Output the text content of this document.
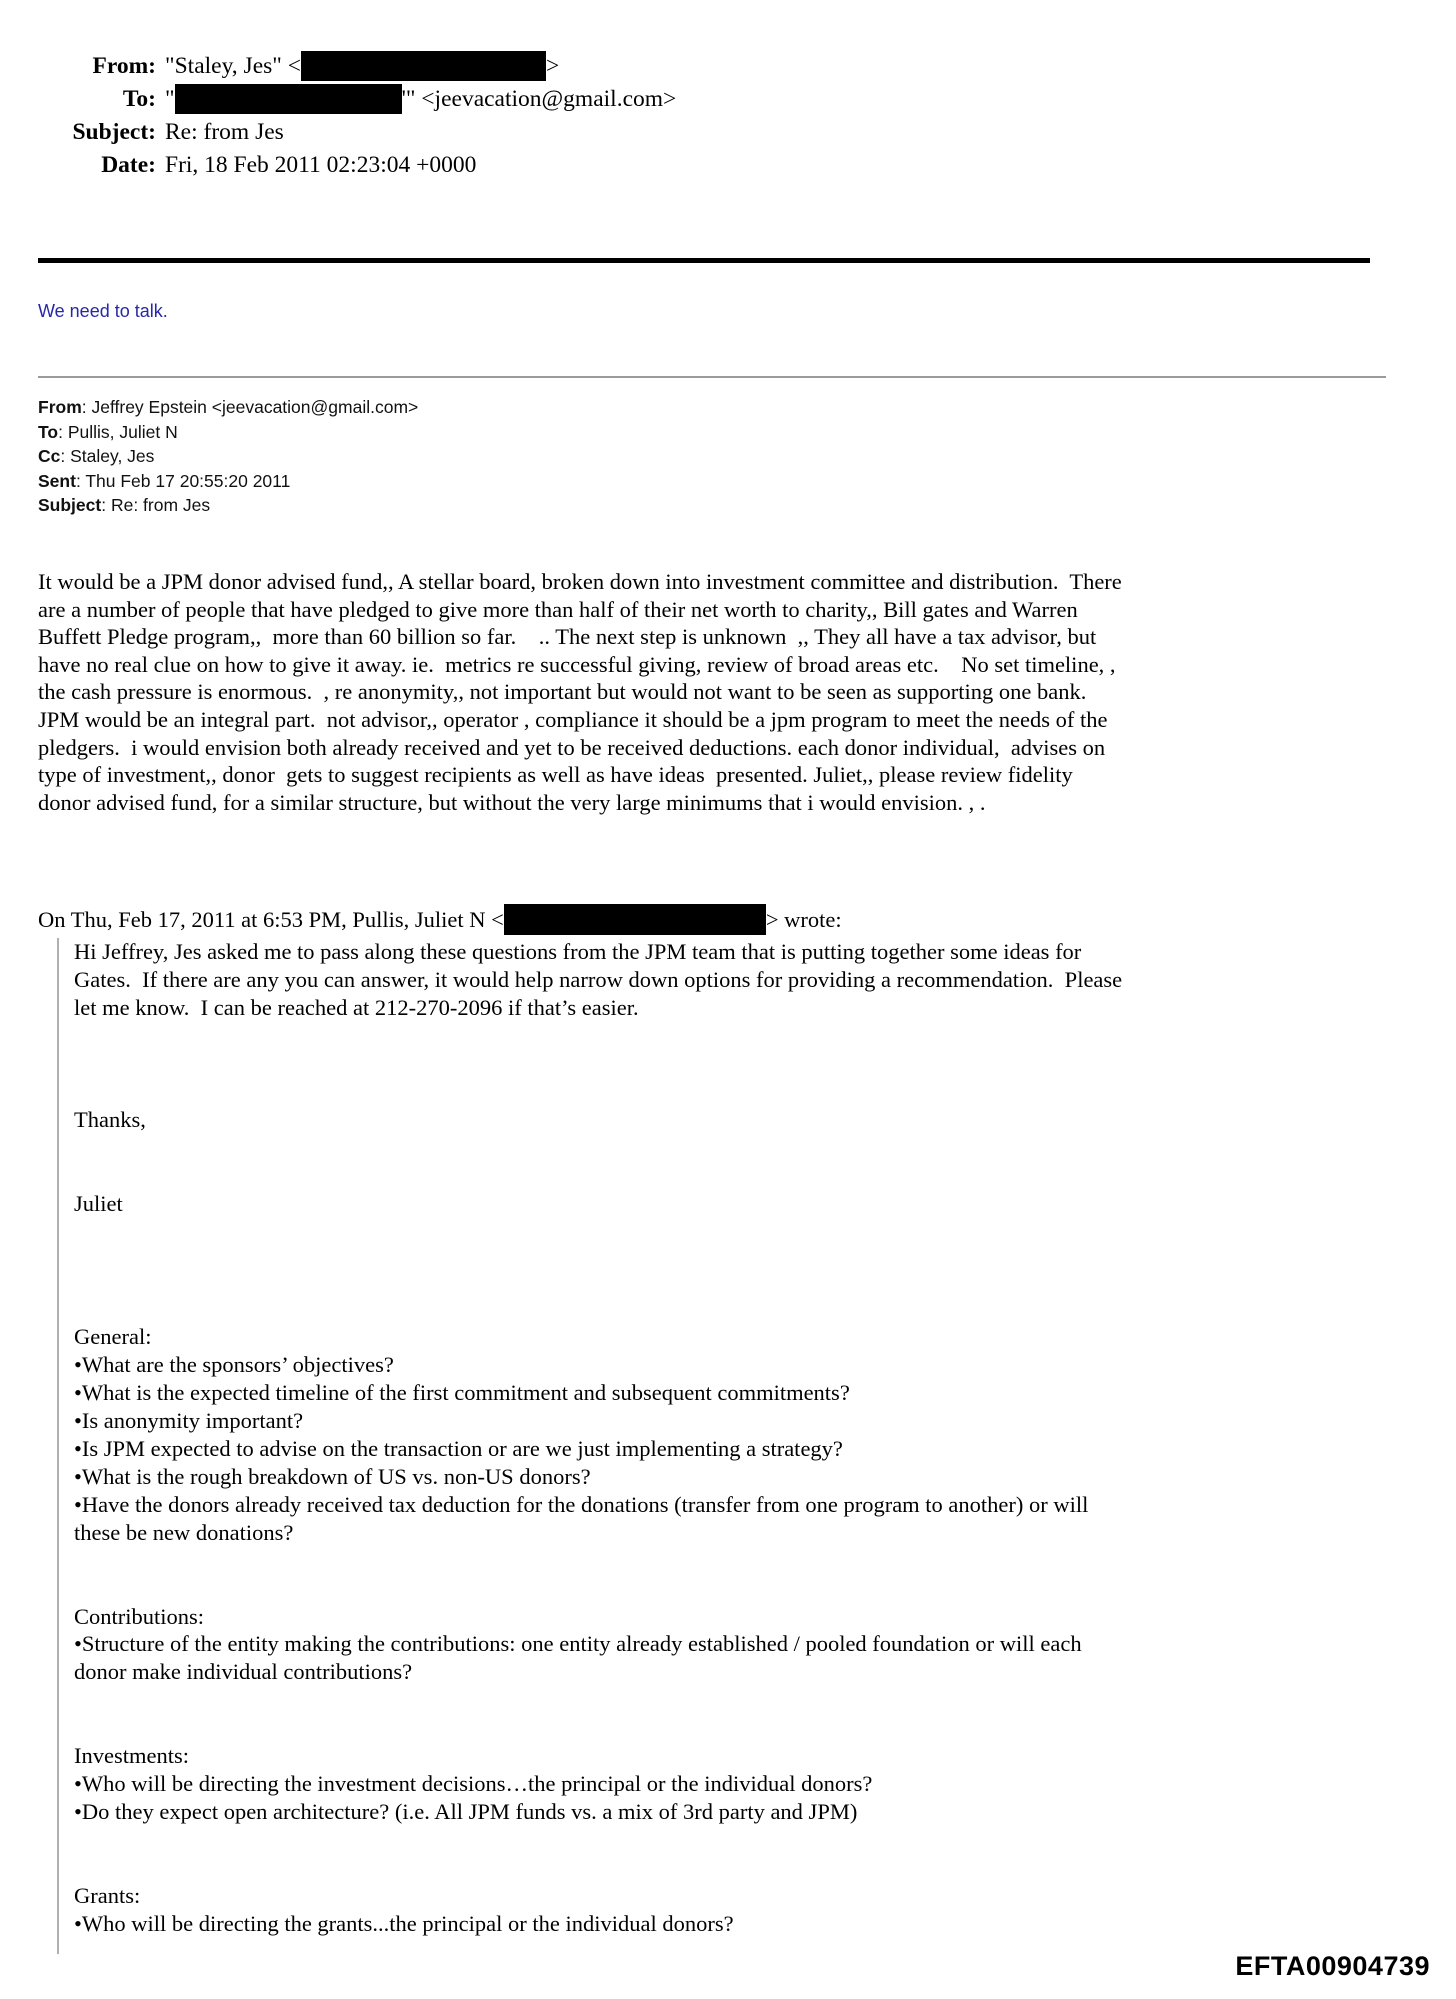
From: "Staley, Jes" <	>
To: "	'" <jeevacation@gmail.com>
Subject: Re: from Jes
Date: Fri, 18 Feb 2011 02:23:04 +0000
We need to talk.
From: Jeffrey Epstein <jeevacation@gmail.com>
To: Pullis, Juliet N
Cc: Staley, Jes
Sent: Thu Feb 17 20:55:20 2011
Subject: Re: from Jes
It would be a JPM donor advised fund,, A stellar board, broken down into investment committee and distribution.  There are a number of people that have pledged to give more than half of their net worth to charity,, Bill gates and Warren Buffett Pledge program,,  more than 60 billion so far.    .. The next step is unknown  ,, They all have a tax advisor, but have no real clue on how to give it away. ie.  metrics re successful giving, review of broad areas etc.    No set timeline, , the cash pressure is enormous.  , re anonymity,, not important but would not want to be seen as supporting one bank.  JPM would be an integral part.  not advisor,, operator , compliance it should be a jpm program to meet the needs of the pledgers.  i would envision both already received and yet to be received deductions. each donor individual,  advises on type of investment,, donor  gets to suggest recipients as well as have ideas  presented. Juliet,, please review fidelity donor advised fund, for a similar structure, but without the very large minimums that i would envision. , .
On Thu, Feb 17, 2011 at 6:53 PM, Pullis, Juliet N <	> wrote:
Hi Jeffrey, Jes asked me to pass along these questions from the JPM team that is putting together some ideas for Gates.  If there are any you can answer, it would help narrow down options for providing a recommendation.  Please let me know.  I can be reached at 212-270-2096 if that’s easier.

Thanks,

Juliet

General:
•What are the sponsors’ objectives?
•What is the expected timeline of the first commitment and subsequent commitments?
•Is anonymity important?
•Is JPM expected to advise on the transaction or are we just implementing a strategy?
•What is the rough breakdown of US vs. non-US donors?
•Have the donors already received tax deduction for the donations (transfer from one program to another) or will these be new donations?
Contributions:
•Structure of the entity making the contributions: one entity already established / pooled foundation or will each donor make individual contributions?
Investments:
•Who will be directing the investment decisions…the principal or the individual donors?
•Do they expect open architecture? (i.e. All JPM funds vs. a mix of 3rd party and JPM)
Grants:
•Who will be directing the grants...the principal or the individual donors?
EFTA00904739
